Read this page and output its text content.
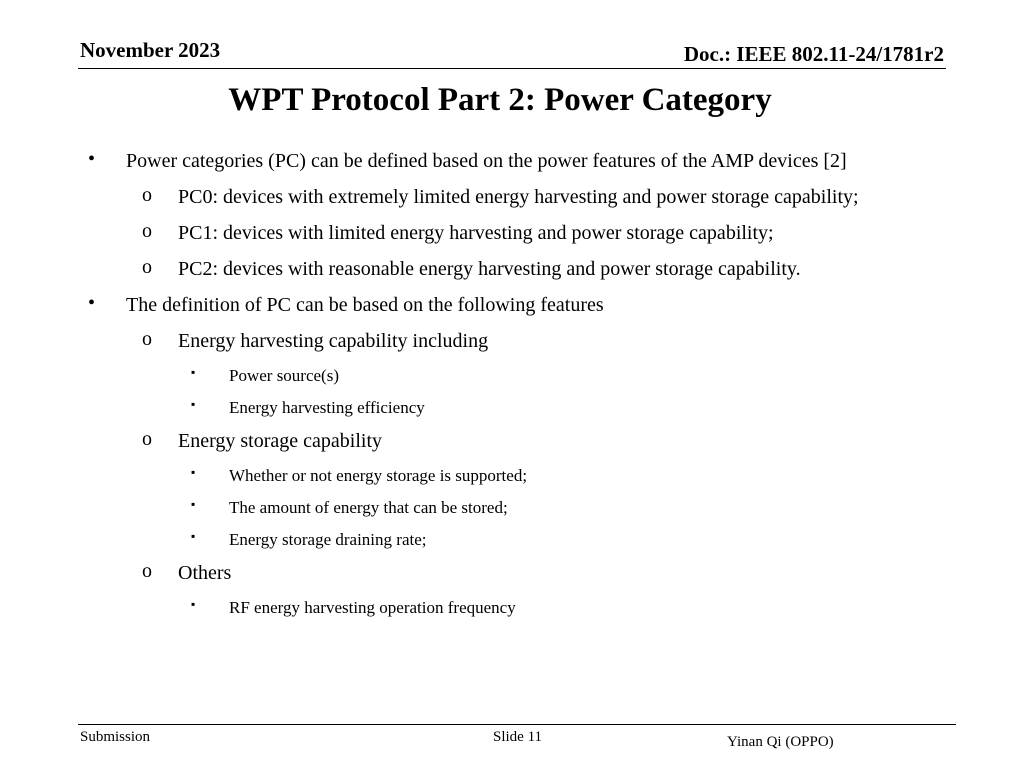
November 2023	Doc.: IEEE 802.11-24/1781r2
WPT Protocol Part 2: Power Category
• Power categories (PC) can be defined based on the power features of the AMP devices [2]
o PC0: devices with extremely limited energy harvesting and power storage capability;
o PC1: devices with limited energy harvesting and power storage capability;
o PC2: devices with reasonable energy harvesting and power storage capability.
• The definition of PC can be based on the following features
o Energy harvesting capability including
▪ Power source(s)
▪ Energy harvesting efficiency
o Energy storage capability
▪ Whether or not energy storage is supported;
▪ The amount of energy that can be stored;
▪ Energy storage draining rate;
o Others
▪ RF energy harvesting operation frequency
Submission	Slide 11	Yinan Qi (OPPO)
